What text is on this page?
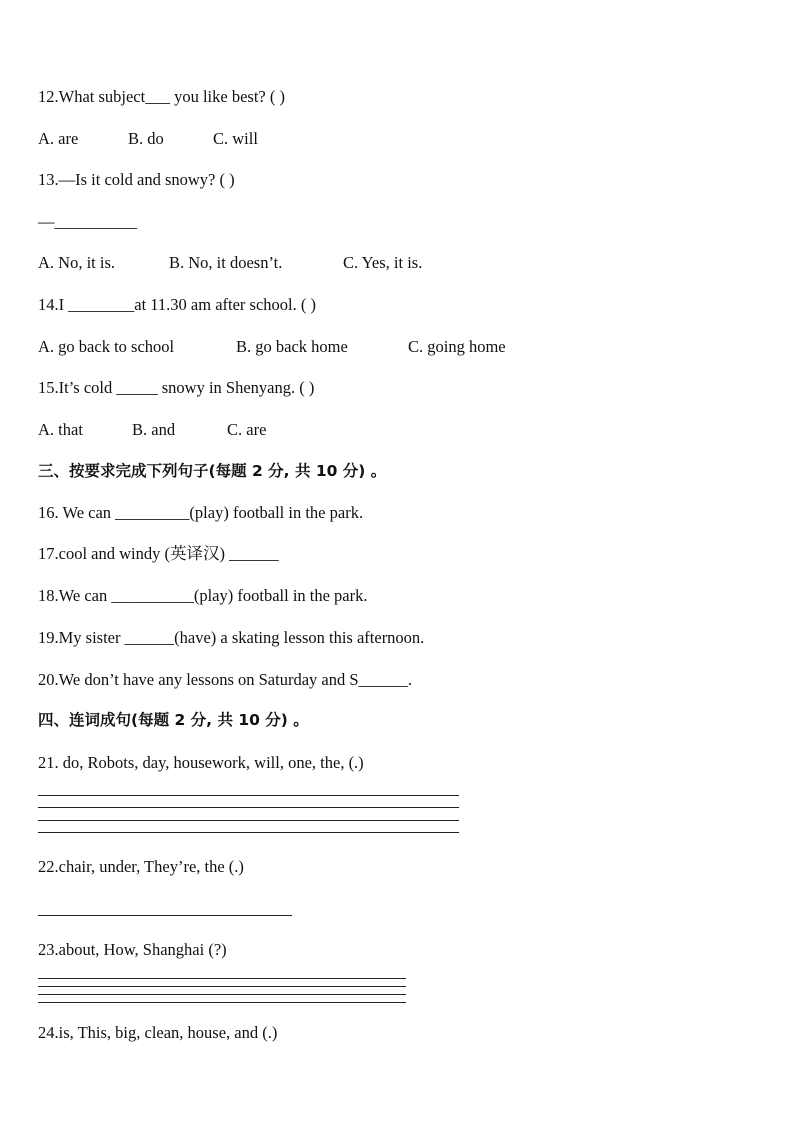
12.What subject___ you like best? ( )
A. are	B. do	C. will
13.—Is it cold and snowy? ( )
—__________
A. No, it is.	B. No, it doesn’t.	C. Yes, it is.
14.I ________at 11.30 am after school. ( )
A. go back to school	B. go back home	C. going home
15.It’s cold _____ snowy in Shenyang. ( )
A. that	B. and	C. are
三、按要求完成下列句子(每题 2 分, 共 10 分) 。
16. We can _________(play) football in the park.
17.cool and windy (英译汉) ______
18.We can __________(play) football in the park.
19.My sister ______(have) a skating lesson this afternoon.
20.We don’t have any lessons on Saturday and S______.
四、连词成句(每题 2 分, 共 10 分) 。
21. do, Robots, day, housework, will, one, the, (.)
22.chair, under, They’re, the (.)
23.about, How, Shanghai (?)
24.is, This, big, clean, house, and (.)
